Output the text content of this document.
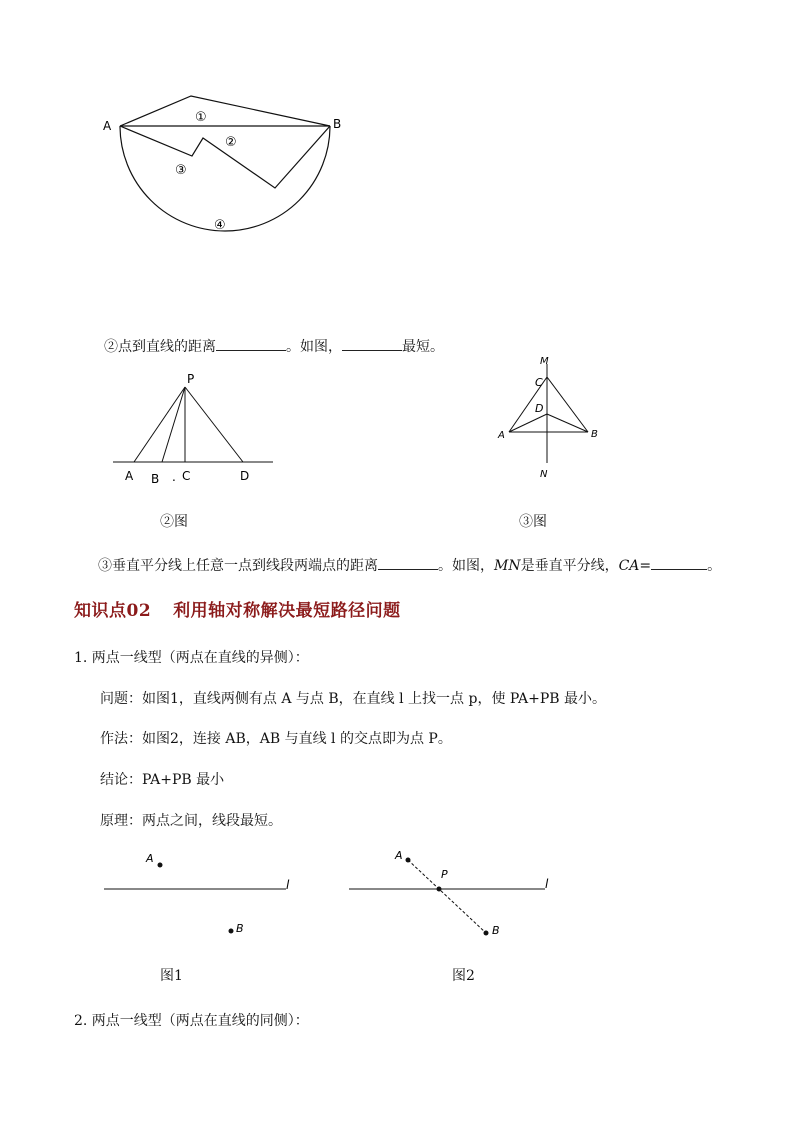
A	B
①
②
③
④
②点到直线的距离	。如图，	最短。
P
A B . C	D
②图
M
C
D
A	B
N
③图
③垂直平分线上任意一点到线段两端点的距离	。如图，MN是垂直平分线，CA=	。
知识点02 利用轴对称解决最短路径问题
1. 两点一线型（两点在直线的异侧）：
问题：如图1，直线两侧有点 A 与点 B，在直线 l 上找一点 p，使 PA+PB 最小。
作法：如图2，连接 AB，AB 与直线 l 的交点即为点 P。
结论：PA+PB 最小
原理：两点之间，线段最短。
A
B
l
图1
A
P
B
l
图2
2. 两点一线型（两点在直线的同侧）：
